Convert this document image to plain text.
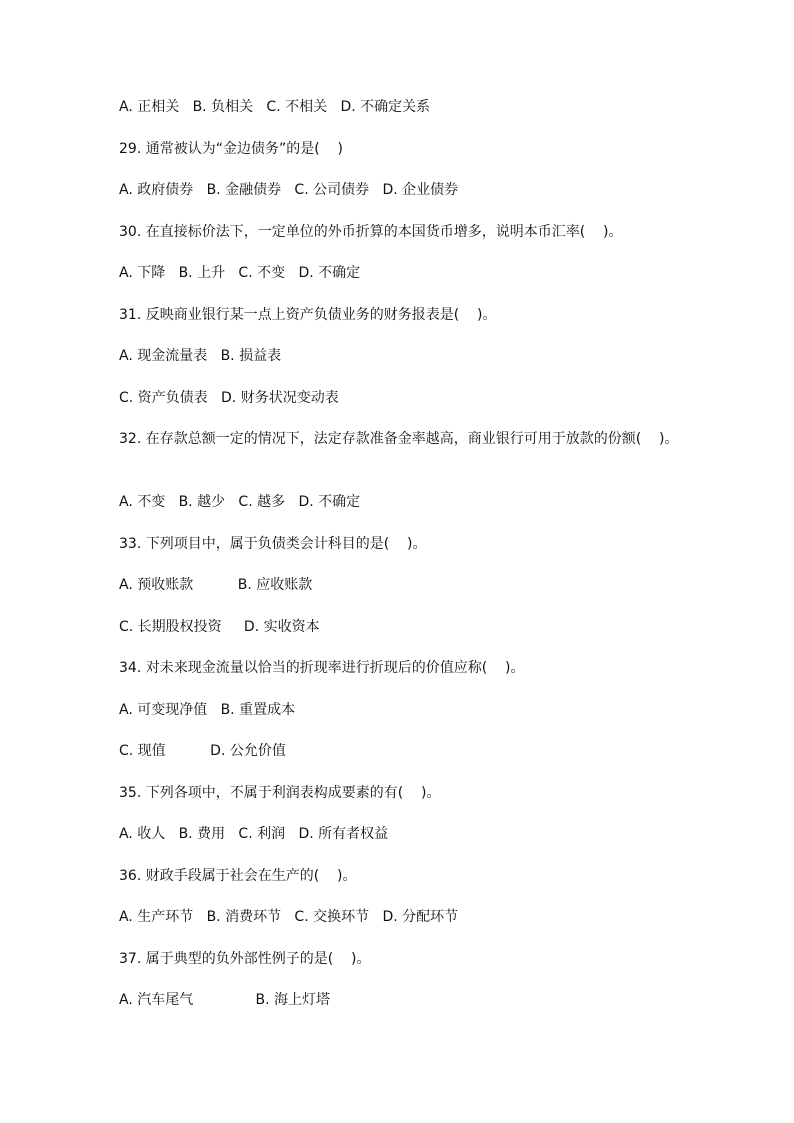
A. 正相关   B. 负相关   C. 不相关   D. 不确定关系
29. 通常被认为“金边债务”的是(    )
A. 政府债券   B. 金融债券   C. 公司债券   D. 企业债券
30. 在直接标价法下，一定单位的外币折算的本国货币增多，说明本币汇率(    )。
A. 下降   B. 上升   C. 不变   D. 不确定
31. 反映商业银行某一点上资产负债业务的财务报表是(    )。
A. 现金流量表   B. 损益表
C. 资产负债表   D. 财务状况变动表
32. 在存款总额一定的情况下，法定存款准备金率越高，商业银行可用于放款的份额(    )。
A. 不变   B. 越少   C. 越多   D. 不确定
33. 下列项目中，属于负债类会计科目的是(    )。
A. 预收账款          B. 应收账款
C. 长期股权投资     D. 实收资本
34. 对未来现金流量以恰当的折现率进行折现后的价值应称(    )。
A. 可变现净值   B. 重置成本
C. 现值          D. 公允价值
35. 下列各项中，不属于利润表构成要素的有(    )。
A. 收人   B. 费用   C. 利润   D. 所有者权益
36. 财政手段属于社会在生产的(    )。
A. 生产环节   B. 消费环节   C. 交换环节   D. 分配环节
37. 属于典型的负外部性例子的是(    )。
A. 汽车尾气              B. 海上灯塔
